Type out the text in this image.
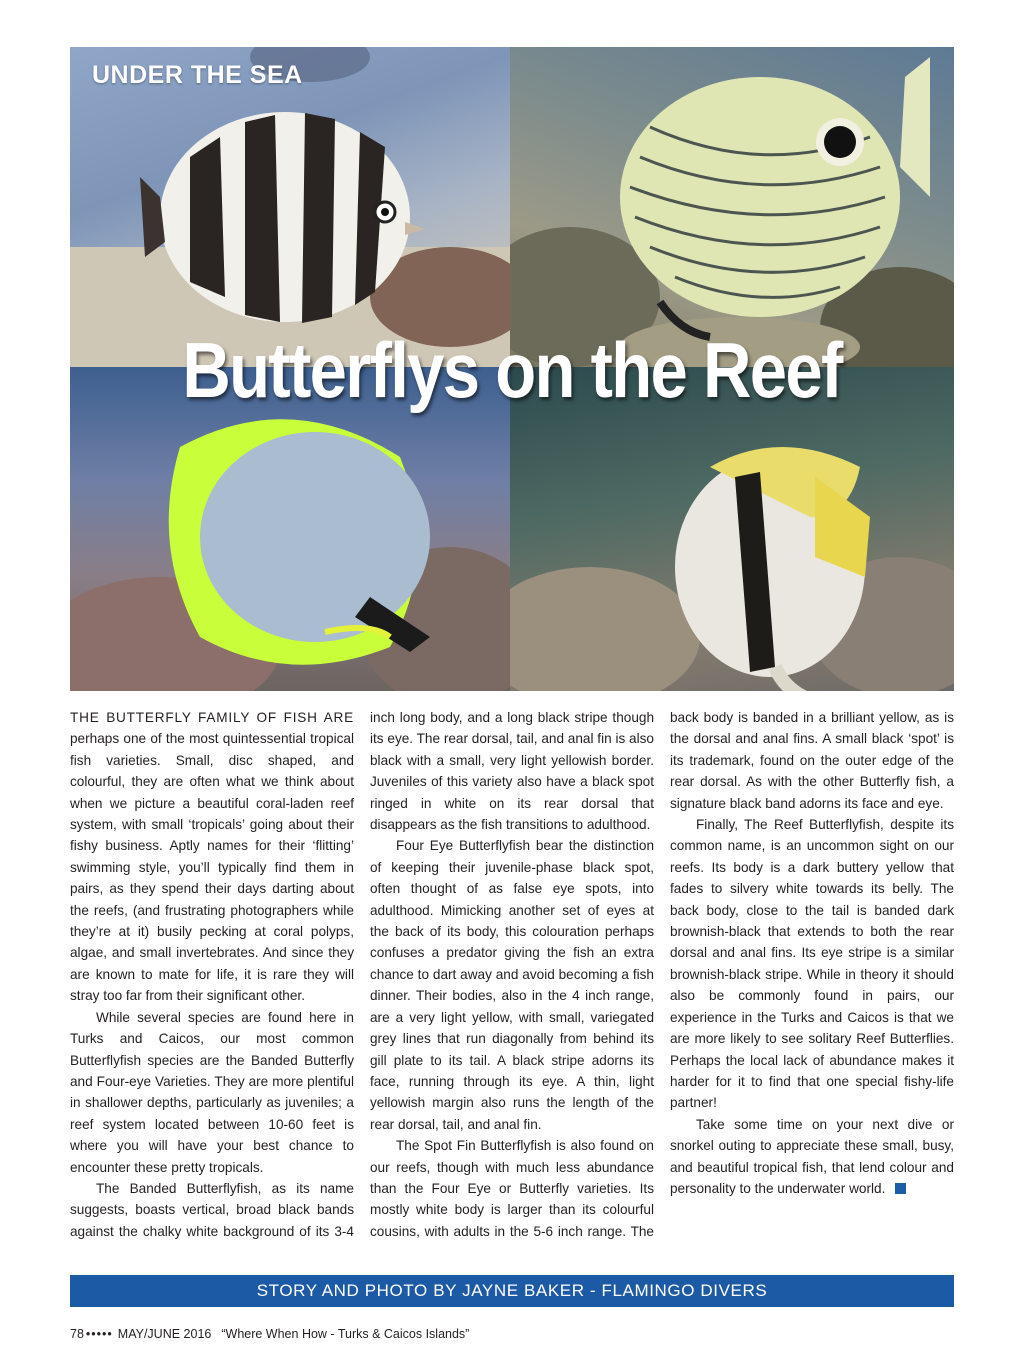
UNDER THE SEA
Butterflys on the Reef

THE BUTTERFLY FAMILY OF FISH ARE perhaps one of the most quintessential tropical fish varieties. Small, disc shaped, and colourful, they are often what we think about when we picture a beautiful coral-laden reef system, with small ‘tropicals’ going about their fishy business. Aptly names for their ‘flitting’ swimming style, you’ll typically find them in pairs, as they spend their days darting about the reefs, (and frustrating photographers while they’re at it) busily pecking at coral polyps, algae, and small invertebrates. And since they are known to mate for life, it is rare they will stray too far from their significant other.

While several species are found here in Turks and Caicos, our most common Butterflyfish species are the Banded Butterfly and Four-eye Varieties. They are more plentiful in shallower depths, particularly as juveniles; a reef system located between 10-60 feet is where you will have your best chance to encounter these pretty tropicals.

The Banded Butterflyfish, as its name suggests, boasts vertical, broad black bands against the chalky white background of its 3-4 inch long body, and a long black stripe though its eye. The rear dorsal, tail, and anal fin is also black with a small, very light yellowish border. Juveniles of this variety also have a black spot ringed in white on its rear dorsal that disappears as the fish transitions to adulthood.

Four Eye Butterflyfish bear the distinction of keeping their juvenile-phase black spot, often thought of as false eye spots, into adulthood. Mimicking another set of eyes at the back of its body, this colouration perhaps confuses a predator giving the fish an extra chance to dart away and avoid becoming a fish dinner. Their bodies, also in the 4 inch range, are a very light yellow, with small, variegated grey lines that run diagonally from behind its gill plate to its tail. A black stripe adorns its face, running through its eye. A thin, light yellowish margin also runs the length of the rear dorsal, tail, and anal fin.

The Spot Fin Butterflyfish is also found on our reefs, though with much less abundance than the Four Eye or Butterfly varieties. Its mostly white body is larger than its colourful cousins, with adults in the 5-6 inch range. The back body is banded in a brilliant yellow, as is the dorsal and anal fins. A small black ‘spot’ is its trademark, found on the outer edge of the rear dorsal. As with the other Butterfly fish, a signature black band adorns its face and eye.

Finally, The Reef Butterflyfish, despite its common name, is an uncommon sight on our reefs. Its body is a dark buttery yellow that fades to silvery white towards its belly. The back body, close to the tail is banded dark brownish-black that extends to both the rear dorsal and anal fins. Its eye stripe is a similar brownish-black stripe. While in theory it should also be commonly found in pairs, our experience in the Turks and Caicos is that we are more likely to see solitary Reef Butterflies. Perhaps the local lack of abundance makes it harder for it to find that one special fishy-life partner!

Take some time on your next dive or snorkel outing to appreciate these small, busy, and beautiful tropical fish, that lend colour and personality to the underwater world.

STORY AND PHOTO BY JAYNE BAKER - FLAMINGO DIVERS
78 ••••• MAY/JUNE 2016 “Where When How - Turks & Caicos Islands”
